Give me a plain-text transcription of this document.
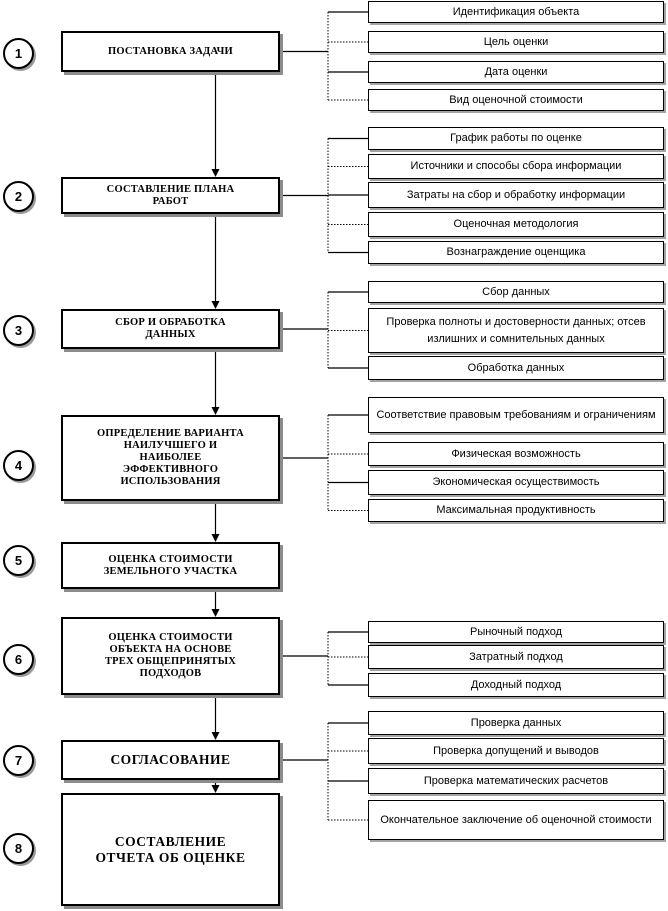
1	ПОСТАНОВКА ЗАДАЧИ
Идентификация объекта
Цель оценки
Дата оценки
Вид оценочной стоимости
2	СОСТАВЛЕНИЕ ПЛАНА
РАБОТ
График работы по оценке
Источники и способы сбора информации
Затраты на сбор и обработку информации
Оценочная методология
Вознаграждение оценщика
3
СБОР И ОБРАБОТКА
ДАННЫХ
Сбор данных
Проверка полноты и достоверности данных; отсев излишних и сомнительных данных
Обработка данных
4
ОПРЕДЕЛЕНИЕ ВАРИАНТА
НАИЛУЧШЕГО И
НАИБОЛЕЕ
ЭФФЕКТИВНОГО
ИСПОЛЬЗОВАНИЯ
Соответствие правовым требованиям и ограничениям
Физическая возможность
Экономическая осуществимость
Максимальная продуктивность
5	ОЦЕНКА СТОИМОСТИ
ЗЕМЕЛЬНОГО УЧАСТКА
6
ОЦЕНКА СТОИМОСТИ
ОБЪЕКТА НА ОСНОВЕ
ТРЕХ ОБЩЕПРИНЯТЫХ
ПОДХОДОВ
Рыночный подход
Затратный подход
Доходный подход
7	СОГЛАСОВАНИЕ
Проверка данных
Проверка допущений и выводов
Проверка математических расчетов
Окончательное заключение об оценочной стоимости
8	СОСТАВЛЕНИЕ
ОТЧЕТА ОБ ОЦЕНКЕ
